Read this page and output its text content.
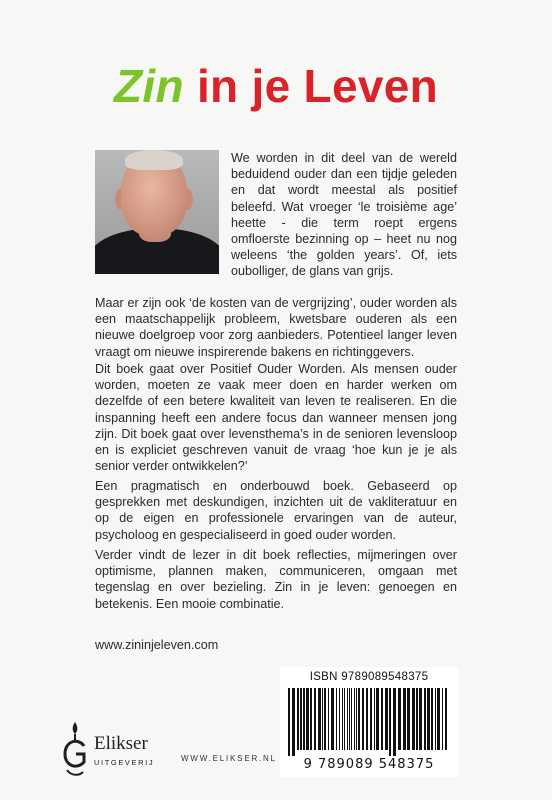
Zin in je Leven

We worden in dit deel van de wereld beduidend ouder dan een tijdje geleden en dat wordt meestal als positief beleefd. Wat vroeger ‘le troisième age’ heette - die term roept ergens omfloerste bezinning op – heet nu nog weleens ‘the golden years’. Of, iets oubolliger, de glans van grijs.

Maar er zijn ook ‘de kosten van de vergrijzing’, ouder worden als een maatschappelijk probleem, kwetsbare ouderen als een nieuwe doelgroep voor zorg aanbieders. Potentieel langer leven vraagt om nieuwe inspirerende bakens en richtinggevers.

Dit boek gaat over Positief Ouder Worden. Als mensen ouder worden, moeten ze vaak meer doen en harder werken om dezelfde of een betere kwaliteit van leven te realiseren. En die inspanning heeft een andere focus dan wanneer mensen jong zijn. Dit boek gaat over levensthema’s in de senioren levensloop en is expliciet geschreven vanuit de vraag ‘hoe kun je je als senior verder ontwikkelen?’

Een pragmatisch en onderbouwd boek. Gebaseerd op gesprekken met deskundigen, inzichten uit de vakliteratuur en op de eigen en professionele ervaringen van de auteur, psycholoog en gespecialiseerd in goed ouder worden.

Verder vindt de lezer in dit boek reflecties, mijmeringen over optimisme, plannen maken, communiceren, omgaan met tegenslag en over bezieling. Zin in je leven: genoegen en betekenis. Een mooie combinatie.

www.zininjeleven.com
ISBN 9789089548375
9 789089 548375
Elikser
UITGEVERIJ	WWW.ELIKSER.NL
